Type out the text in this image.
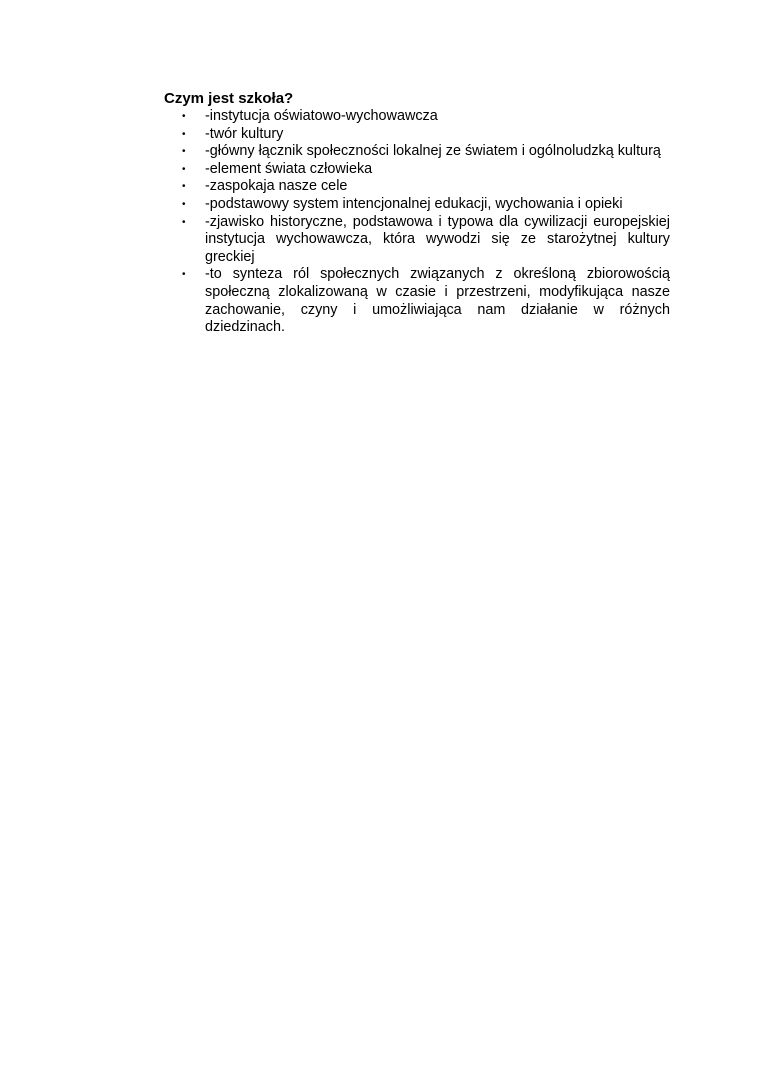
Czym jest szkoła?

•	-instytucja oświatowo-wychowawcza
•	-twór kultury
•	-główny łącznik społeczności lokalnej ze światem i ogólnoludzką kulturą
•	-element świata człowieka
•	-zaspokaja nasze cele
•	-podstawowy system intencjonalnej edukacji, wychowania i opieki
•	-zjawisko historyczne, podstawowa i typowa dla cywilizacji europejskiej instytucja wychowawcza, która wywodzi się ze starożytnej kultury greckiej
•	-to synteza ról społecznych związanych z określoną zbiorowością społeczną zlokalizowaną w czasie i przestrzeni, modyfikująca nasze zachowanie, czyny i umożliwiająca nam działanie w różnych dziedzinach.
